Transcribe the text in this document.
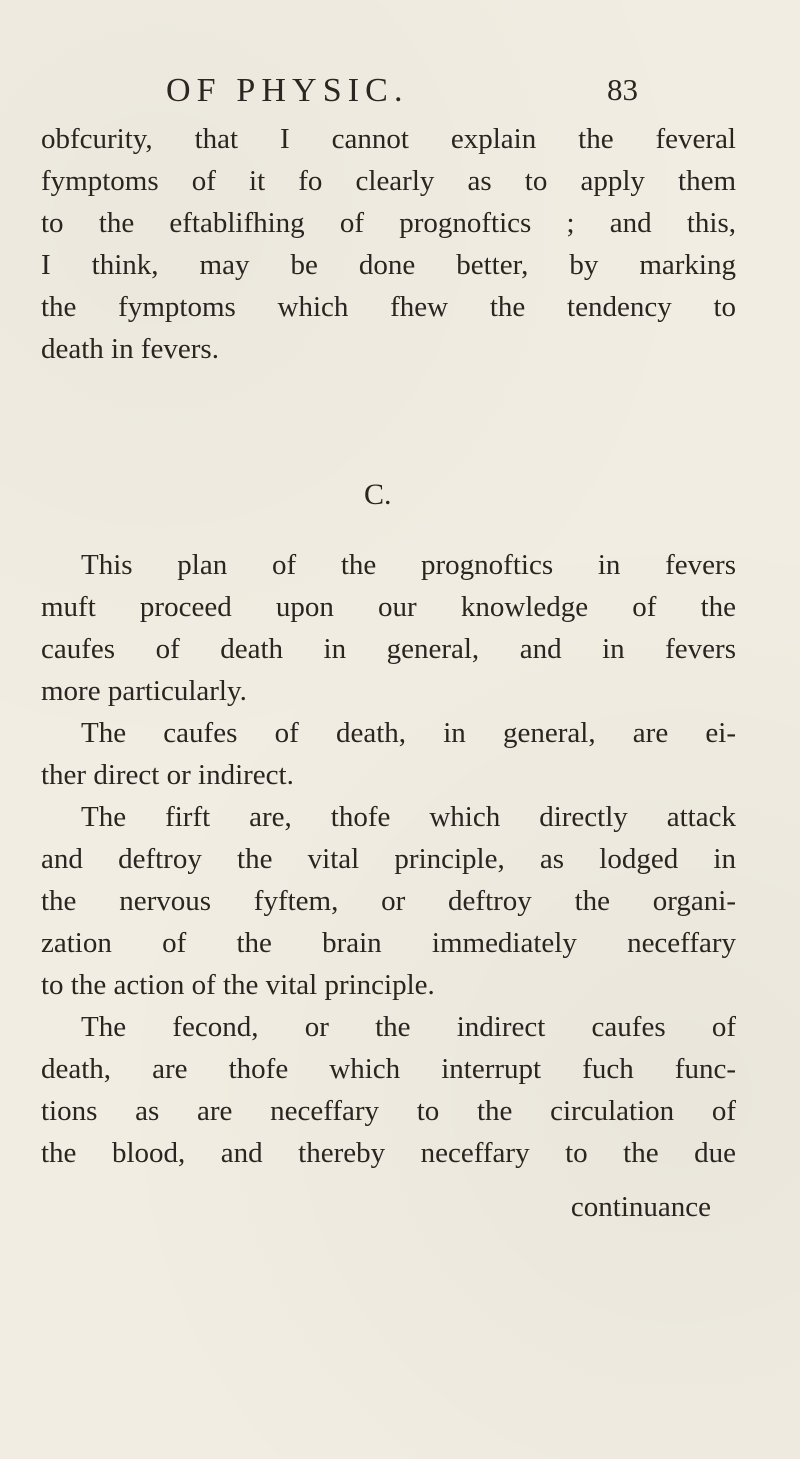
OF PHYSIC.	83
obfcurity, that I cannot explain the feveral
fymptoms of it fo clearly as to apply them
to the eftablifhing of prognoftics ; and this,
I think, may be done better, by marking
the fymptoms which fhew the tendency to
death in fevers.
C.
This plan of the prognoftics in fevers
muft proceed upon our knowledge of the
caufes of death in general, and in fevers
more particularly.
The caufes of death, in general, are ei-
ther direct or indirect.
The firft are, thofe which directly attack
and deftroy the vital principle, as lodged in
the nervous fyftem, or deftroy the organi-
zation of the brain immediately neceffary
to the action of the vital principle.
The fecond, or the indirect caufes of
death, are thofe which interrupt fuch func-
tions as are neceffary to the circulation of
the blood, and thereby neceffary to the due
continuance
